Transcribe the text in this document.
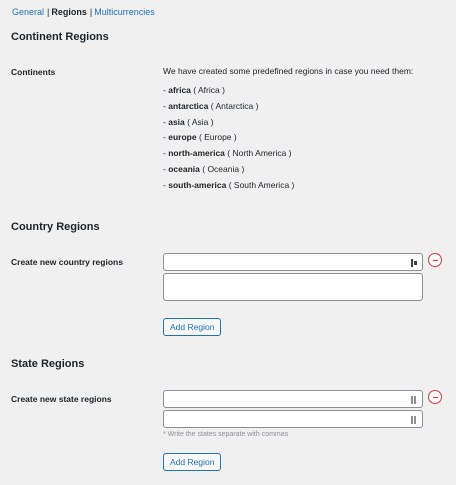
General | Regions | Multicurrencies
Continent Regions
Continents	We have created some predefined regions in case you need them:
- africa ( Africa )
- antarctica ( Antarctica )
- asia ( Asia )
- europe ( Europe )
- north-america ( North America )
- oceania ( Oceania )
- south-america ( South America )
Country Regions
Create new country regions
Add Region
State Regions
Create new state regions
* Write the states separate with commas
Add Region
